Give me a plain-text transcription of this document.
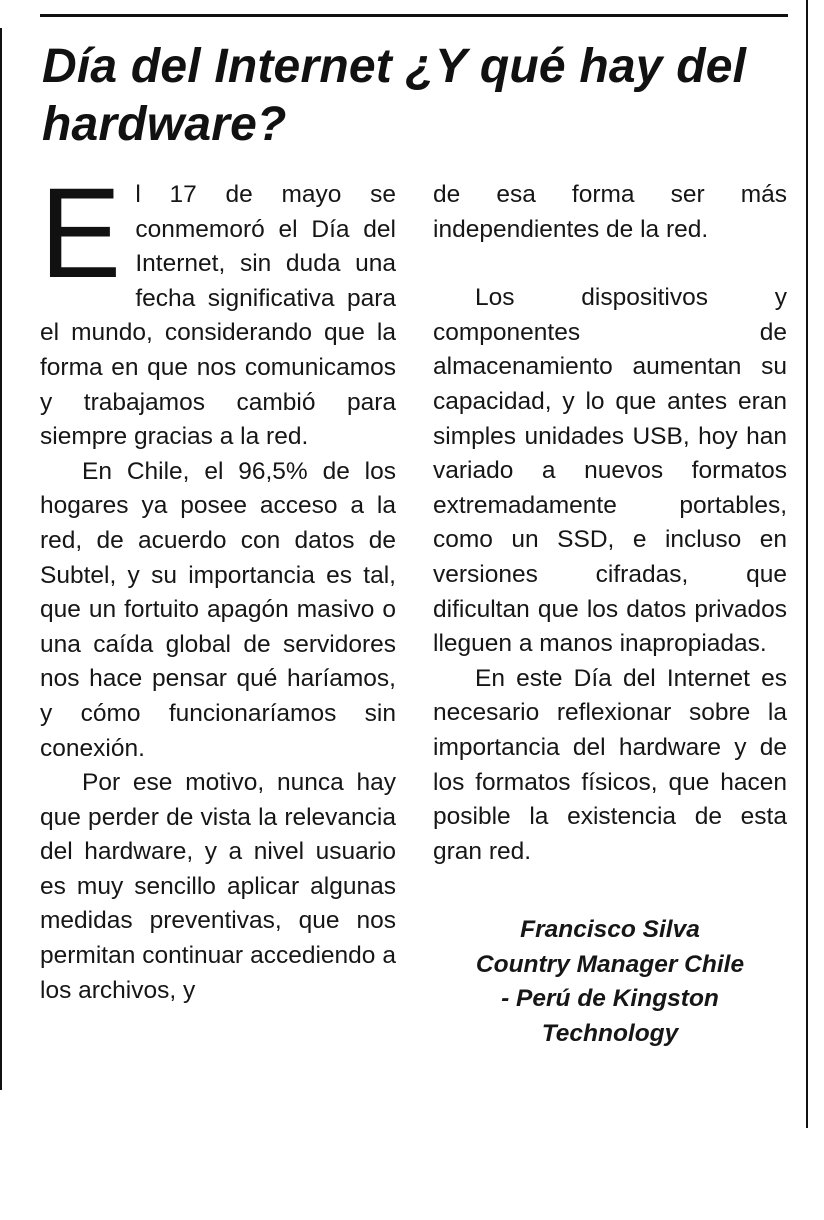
Día del Internet ¿Y qué hay del hardware?

El 17 de mayo se conmemoró el Día del Internet, sin duda una fecha significativa para el mundo, considerando que la forma en que nos comunicamos y trabajamos cambió para siempre gracias a la red.

En Chile, el 96,5% de los hogares ya posee acceso a la red, de acuerdo con datos de Subtel, y su importancia es tal, que un fortuito apagón masivo o una caída global de servidores nos hace pensar qué haríamos, y cómo funcionaríamos sin conexión.

Por ese motivo, nunca hay que perder de vista la relevancia del hardware, y a nivel usuario es muy sencillo aplicar algunas medidas preventivas, que nos permitan continuar accediendo a los archivos, y

de esa forma ser más independientes de la red.

Los dispositivos y componentes de almacenamiento aumentan su capacidad, y lo que antes eran simples unidades USB, hoy han variado a nuevos formatos extremadamente portables, como un SSD, e incluso en versiones cifradas, que dificultan que los datos privados lleguen a manos inapropiadas.

En este Día del Internet es necesario reflexionar sobre la importancia del hardware y de los formatos físicos, que hacen posible la existencia de esta gran red.

Francisco Silva
Country Manager Chile
- Perú de Kingston
Technology
